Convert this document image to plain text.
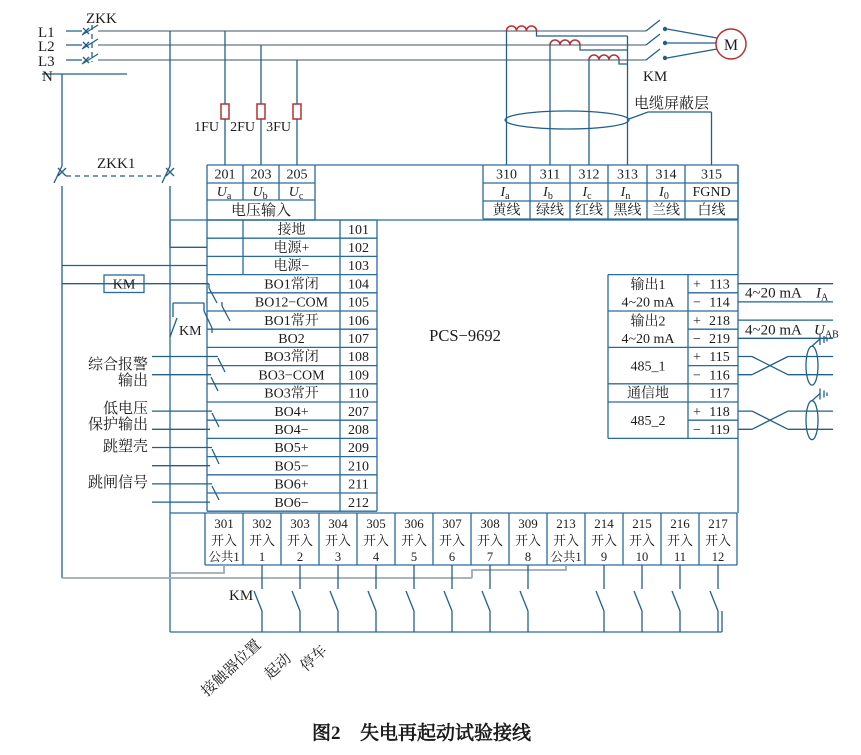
L1
L2
L3
N
ZKK
ZKK1
1FU 2FU 3FU
电缆屏蔽层
M
KM
PCS−9692
201 203 205
$U_a$ $U_b$ $U_c$
电压输入
310 311 312 313 314 315
$I_a$ $I_b$ $I_c$ $I_n$ $I_0$ FGND
黄线 绿线 红线 黑线 兰线 白线
接地
电源+
电源−
BO1常闭
BO12−COM
BO1常开
BO2
BO3常闭
BO3−COM
BO3常开
BO4+
BO4−
BO5+
BO5−
BO6+
BO6−
101
102
103
104
105
106
107
108
109
110
207
208
209
210
211
212
KM
KM
综合报警
输出
低电压
保护输出
跳塑壳
跳闸信号
输出1
4~20 mA
输出2
4~20 mA
485_1
通信地
485_2
+ 113
− 114
+ 218
− 219
+ 115
− 116
117
+ 118
− 119
4~20 mA $I_A$
4~20 mA $U_{AB}$
301
开入
公共1
302
开入
1
303
开入
2
304
开入
3
305
开入
4
306
开入
5
307
开入
6
308
开入
7
309
开入
8
213
开入
公共1
214
开入
9
215
开入
10
216
开入
11
217
开入
12
KM
接触器位置
起动 停车
图2 失电再起动试验接线
